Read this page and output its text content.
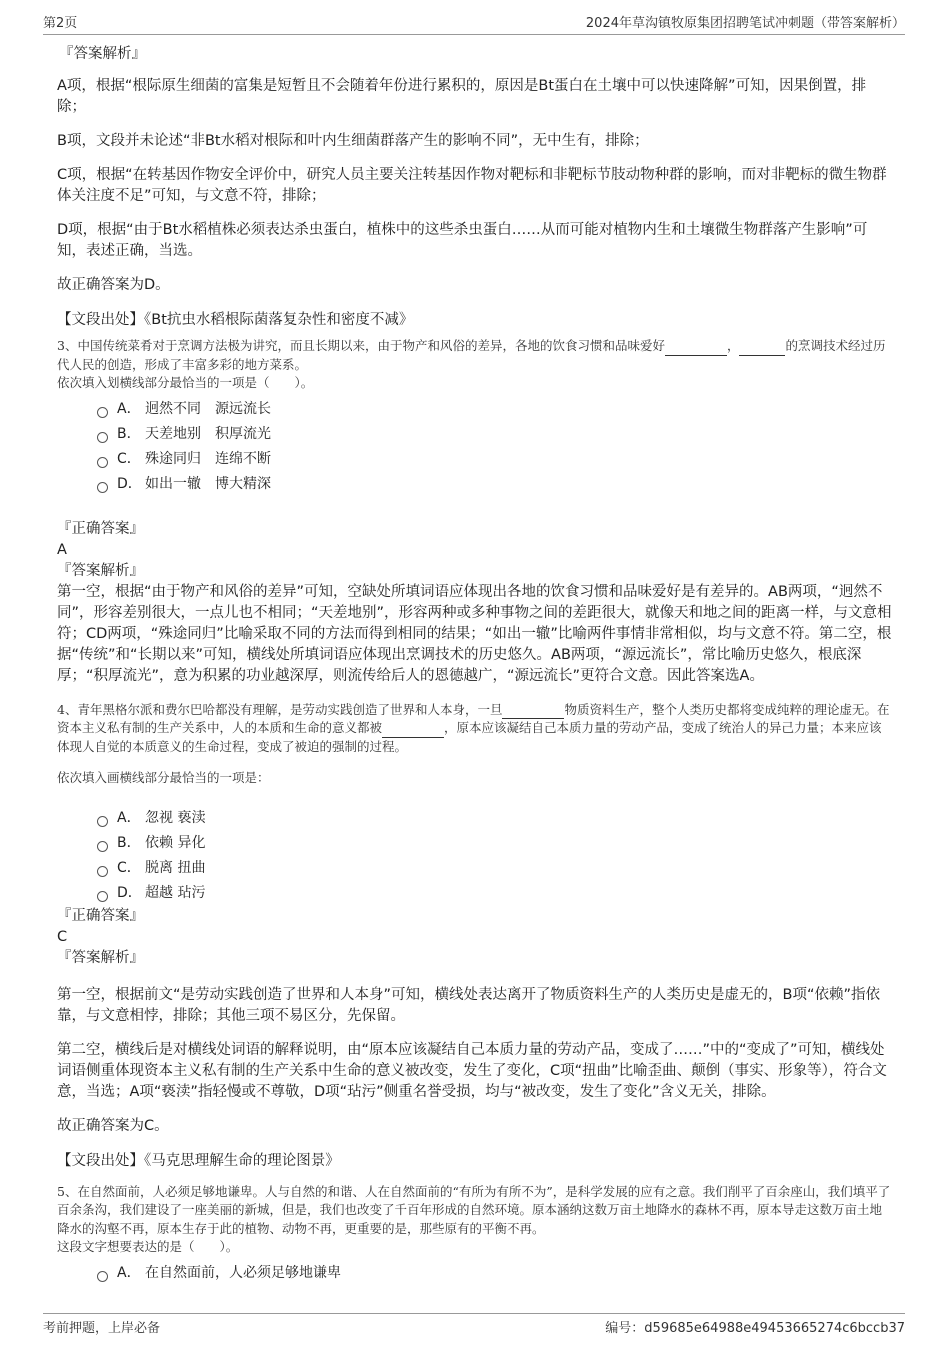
第2页	2024年草沟镇牧原集团招聘笔试冲刺题（带答案解析）

『答案解析』

A项，根据“根际原生细菌的富集是短暂且不会随着年份进行累积的，原因是Bt蛋白在土壤中可以快速降解”可知，因果倒置，排除；

B项，文段并未论述“非Bt水稻对根际和叶内生细菌群落产生的影响不同”，无中生有，排除；

C项，根据“在转基因作物安全评价中，研究人员主要关注转基因作物对靶标和非靶标节肢动物种群的影响，而对非靶标的微生物群体关注度不足”可知，与文意不符，排除；

D项，根据“由于Bt水稻植株必须表达杀虫蛋白，植株中的这些杀虫蛋白……从而可能对植物内生和土壤微生物群落产生影响”可知，表述正确，当选。

故正确答案为D。

【文段出处】《Bt抗虫水稻根际菌落复杂性和密度不减》

3、中国传统菜肴对于烹调方法极为讲究，而且长期以来，由于物产和风俗的差异，各地的饮食习惯和品味爱好	，	的烹调技术经过历代人民的创造，形成了丰富多彩的地方菜系。

依次填入划横线部分最恰当的一项是（　　）。

A． 迥然不同　源远流长
B． 天差地别　积厚流光
C． 殊途同归　连绵不断
D． 如出一辙　博大精深

『正确答案』

A

『答案解析』

第一空，根据“由于物产和风俗的差异”可知，空缺处所填词语应体现出各地的饮食习惯和品味爱好是有差异的。AB两项，“迥然不同”，形容差别很大，一点儿也不相同；“天差地别”，形容两种或多种事物之间的差距很大，就像天和地之间的距离一样，与文意相符；CD两项，“殊途同归”比喻采取不同的方法而得到相同的结果；“如出一辙”比喻两件事情非常相似，均与文意不符。第二空，根据“传统”和“长期以来”可知，横线处所填词语应体现出烹调技术的历史悠久。AB两项，“源远流长”，常比喻历史悠久，根底深厚；“积厚流光”，意为积累的功业越深厚，则流传给后人的恩德越广，“源远流长”更符合文意。因此答案选A。

4、青年黑格尔派和费尔巴哈都没有理解，是劳动实践创造了世界和人本身，一旦	物质资料生产，整个人类历史都将变成纯粹的理论虚无。在资本主义私有制的生产关系中，人的本质和生命的意义都被	，原本应该凝结自己本质力量的劳动产品，变成了统治人的异己力量；本来应该体现人自觉的本质意义的生命过程，变成了被迫的强制的过程。

依次填入画横线部分最恰当的一项是：

A． 忽视 亵渎
B． 依赖 异化
C． 脱离 扭曲
D． 超越 玷污

『正确答案』

C

『答案解析』

第一空，根据前文“是劳动实践创造了世界和人本身”可知，横线处表达离开了物质资料生产的人类历史是虚无的，B项“依赖”指依靠，与文意相悖，排除；其他三项不易区分，先保留。

第二空，横线后是对横线处词语的解释说明，由“原本应该凝结自己本质力量的劳动产品，变成了……”中的“变成了”可知，横线处词语侧重体现资本主义私有制的生产关系中生命的意义被改变，发生了变化，C项“扭曲”比喻歪曲、颠倒（事实、形象等），符合文意，当选；A项“亵渎”指轻慢或不尊敬，D项“玷污”侧重名誉受损，均与“被改变，发生了变化”含义无关，排除。

故正确答案为C。

【文段出处】《马克思理解生命的理论图景》

5、在自然面前，人必须足够地谦卑。人与自然的和谐、人在自然面前的“有所为有所不为”，是科学发展的应有之意。我们削平了百余座山，我们填平了百余条沟，我们建设了一座美丽的新城，但是，我们也改变了千百年形成的自然环境。原本涵纳这数万亩土地降水的森林不再，原本导走这数万亩土地降水的沟壑不再，原本生存于此的植物、动物不再，更重要的是，那些原有的平衡不再。

这段文字想要表达的是（　　）。

A． 在自然面前，人必须足够地谦卑
考前押题，上岸必备	编号：d59685e64988e49453665274c6bccb37
